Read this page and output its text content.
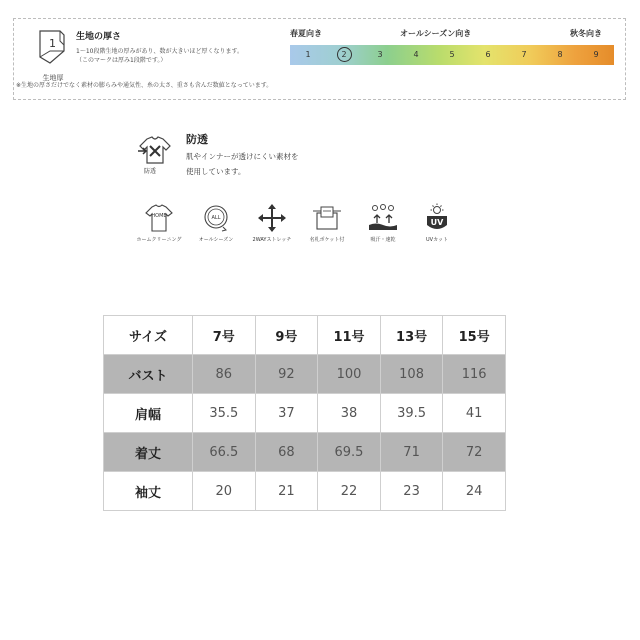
1
生地厚
生地の厚さ
1～10段階生地の厚みがあり、数が大きいほど厚くなります。
（このマークは厚み1段階です。）
春夏向き	オールシーズン向き	秋冬向き
1	2	3	4	5	6	7	8	9
※生地の厚さだけでなく素材の膨らみや通気性、糸の太さ、重さも含んだ数値となっています。
防透
防透
肌やインナーが透けにくい素材を
使用しています。
HOME
ホームクリーニング
ALL
オールシーズン	2WAYストレッチ	名札ポケット付	吸汗・速乾
UV
UVカット
サイズ	7号	9号	11号	13号	15号
バスト	86	92	100	108	116
肩幅	35.5	37	38	39.5	41
着丈	66.5	68	69.5	71	72
袖丈	20	21	22	23	24
